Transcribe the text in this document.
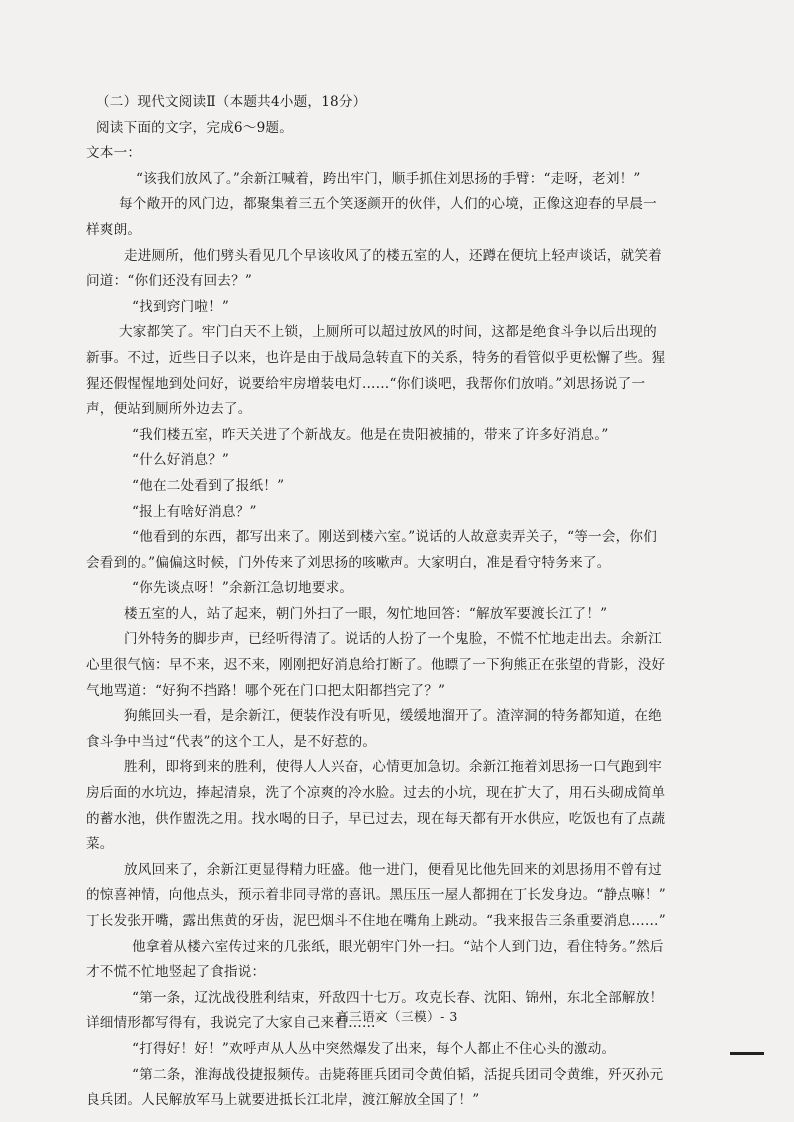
（二）现代文阅读Ⅱ（本题共4小题，18分）

阅读下面的文字，完成6～9题。

文本一：

“该我们放风了。”余新江喊着，跨出牢门，顺手抓住刘思扬的手臂：“走呀，老刘！”

每个敞开的风门边，都聚集着三五个笑逐颜开的伙伴，人们的心境，正像这迎春的早晨一

样爽朗。

走进厕所，他们劈头看见几个早该收风了的楼五室的人，还蹲在便坑上轻声谈话，就笑着

问道：“你们还没有回去？”

“找到窍门啦！”

大家都笑了。牢门白天不上锁，上厕所可以超过放风的时间，这都是绝食斗争以后出现的

新事。不过，近些日子以来，也许是由于战局急转直下的关系，特务的看管似乎更松懈了些。猩

猩还假惺惺地到处问好，说要给牢房增装电灯……“你们谈吧，我帮你们放哨。”刘思扬说了一

声，便站到厕所外边去了。

“我们楼五室，昨天关进了个新战友。他是在贵阳被捕的，带来了许多好消息。”

“什么好消息？”

“他在二处看到了报纸！”

“报上有啥好消息？”

“他看到的东西，都写出来了。刚送到楼六室。”说话的人故意卖弄关子，“等一会，你们

会看到的。”偏偏这时候，门外传来了刘思扬的咳嗽声。大家明白，准是看守特务来了。

“你先谈点呀！”余新江急切地要求。

楼五室的人，站了起来，朝门外扫了一眼，匆忙地回答：“解放军要渡长江了！”

门外特务的脚步声，已经听得清了。说话的人扮了一个鬼脸，不慌不忙地走出去。余新江

心里很气恼：早不来，迟不来，刚刚把好消息给打断了。他瞟了一下狗熊正在张望的背影，没好

气地骂道：“好狗不挡路！哪个死在门口把太阳都挡完了？”

狗熊回头一看，是余新江，便装作没有听见，缓缓地溜开了。渣滓洞的特务都知道，在绝

食斗争中当过“代表”的这个工人，是不好惹的。

胜利，即将到来的胜利，使得人人兴奋，心情更加急切。余新江拖着刘思扬一口气跑到牢

房后面的水坑边，捧起清泉，洗了个凉爽的冷水脸。过去的小坑，现在扩大了，用石头砌成简单

的蓄水池，供作盥洗之用。找水喝的日子，早已过去，现在每天都有开水供应，吃饭也有了点蔬

菜。

放风回来了，余新江更显得精力旺盛。他一进门，便看见比他先回来的刘思扬用不曾有过

的惊喜神情，向他点头，预示着非同寻常的喜讯。黑压压一屋人都拥在丁长发身边。“静点嘛！”

丁长发张开嘴，露出焦黄的牙齿，泥巴烟斗不住地在嘴角上跳动。“我来报告三条重要消息……”

他拿着从楼六室传过来的几张纸，眼光朝牢门外一扫。“站个人到门边，看住特务。”然后

才不慌不忙地竖起了食指说：

“第一条，辽沈战役胜利结束，歼敌四十七万。攻克长春、沈阳、锦州，东北全部解放！

详细情形都写得有，我说完了大家自己来看……”

“打得好！好！”欢呼声从人丛中突然爆发了出来，每个人都止不住心头的激动。

“第二条，淮海战役捷报频传。击毙蒋匪兵团司令黄伯韬，活捉兵团司令黄维，歼灭孙元

良兵团。人民解放军马上就要进抵长江北岸，渡江解放全国了！”

高三语文（三模）- 3
